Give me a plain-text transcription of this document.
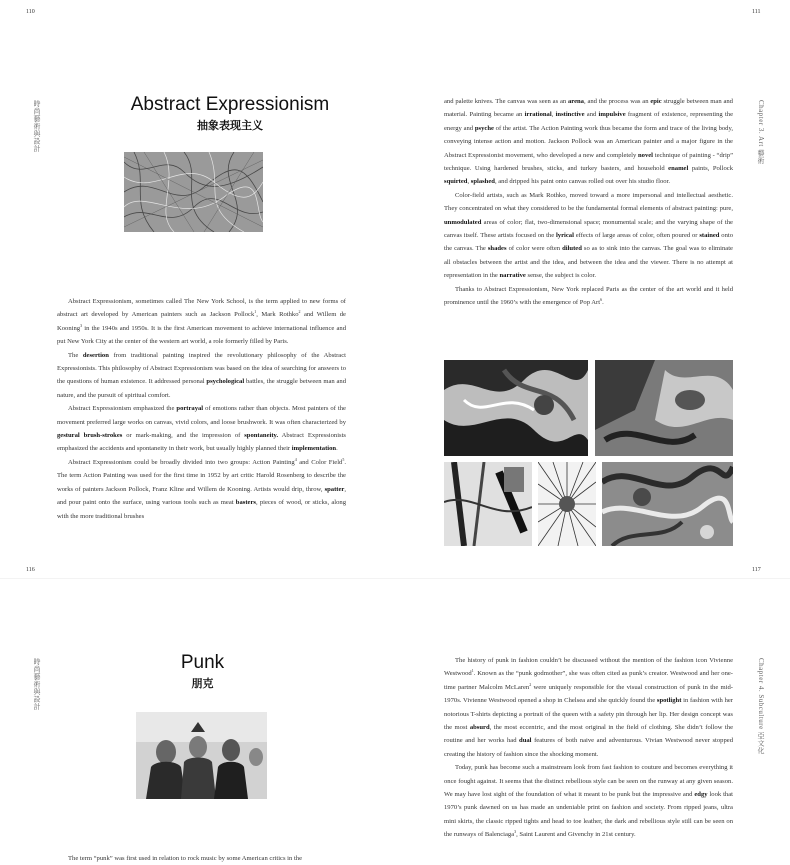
110	111
116	117
時尚藝術與設計	Chapter 3. Art 藝術
時尚藝術與設計	Chapter 4. Subculture 亞文化
Abstract Expressionism
抽象表现主义

Abstract Expressionism, sometimes called The New York School, is the term applied to new forms of abstract art developed by American painters such as Jackson Pollock$^1$, Mark Rothko$^2$ and Willem de Kooning$^3$ in the 1940s and 1950s. It is the first American movement to achieve international influence and put New York City at the center of the western art world, a role formerly filled by Paris.

The desertion from traditional painting inspired the revolutionary philosophy of the Abstract Expressionists. This philosophy of Abstract Expressionism was based on the idea of searching for answers to the questions of human existence. It addressed personal psychological battles, the struggle between man and nature, and the pursuit of spiritual comfort.

Abstract Expressionism emphasized the portrayal of emotions rather than objects. Most painters of the movement preferred large works on canvas, vivid colors, and loose brushwork. It was often characterized by gestural brush-strokes or mark-making, and the impression of spontaneity. Abstract Expressionists emphasized the accidents and spontaneity in their work, but usually highly planned their implementation.

Abstract Expressionism could be broadly divided into two groups: Action Painting$^4$ and Color Field$^5$. The term Action Painting was used for the first time in 1952 by art critic Harold Rosenberg to describe the works of painters Jackson Pollock, Franz Kline and Willem de Kooning. Artists would drip, throw, spatter, and pour paint onto the surface, using various tools such as meat basters, pieces of wood, or sticks, along with the more traditional brushes

and palette knives. The canvas was seen as an arena, and the process was an epic struggle between man and material. Painting became an irrational, instinctive and impulsive fragment of existence, representing the energy and psyche of the artist. The Action Painting work thus became the form and trace of the living body, conveying intense action and motion. Jackson Pollock was an American painter and a major figure in the Abstract Expressionist movement, who developed a new and completely novel technique of painting - “drip” technique. Using hardened brushes, sticks, and turkey basters, and household enamel paints, Pollock squirted, splashed, and dripped his paint onto canvas rolled out over his studio floor.

Color-field artists, such as Mark Rothko, moved toward a more impersonal and intellectual aesthetic. They concentrated on what they considered to be the fundamental formal elements of abstract painting: pure, unmodulated areas of color; flat, two-dimensional space; monumental scale; and the varying shape of the canvas itself. These artists focused on the lyrical effects of large areas of color, often poured or stained onto the canvas. The shades of color were often diluted so as to sink into the canvas. The goal was to eliminate all obstacles between the artist and the idea, and between the idea and the viewer. There is no attempt at representation in the narrative sense, the subject is color.

Thanks to Abstract Expressionism, New York replaced Paris as the center of the art world and it held prominence until the 1960’s with the emergence of Pop Art$^6$.

Punk
朋克

The term “punk” was first used in relation to rock music by some American critics in the

The history of punk in fashion couldn’t be discussed without the mention of the fashion icon Vivienne Westwood$^1$. Known as the “punk godmother”, she was often cited as punk’s creator. Westwood and her one-time partner Malcolm McLaren$^2$ were uniquely responsible for the visual construction of punk in the mid-1970s. Vivienne Westwood opened a shop in Chelsea and she quickly found the spotlight in fashion with her notorious T-shirts depicting a portrait of the queen with a safety pin through her lip. Her design concept was the most absurd, the most eccentric, and the most original in the field of clothing. She didn’t follow the routine and her works had dual features of both naive and adventurous. Vivian Westwood never stopped creating the history of fashion since the shocking moment.

Today, punk has become such a mainstream look from fast fashion to couture and becomes everything it once fought against. It seems that the distinct rebellious style can be seen on the runway at any given season. We may have lost sight of the foundation of what it meant to be punk but the impressive and edgy look that 1970’s punk dawned on us has made an undeniable print on fashion and society. From ripped jeans, ultra mini skirts, the classic ripped tights and head to toe leather, the dark and rebellious style still can be seen on the runways of Balenciaga$^3$, Saint Laurent and Givenchy in 21st century.
